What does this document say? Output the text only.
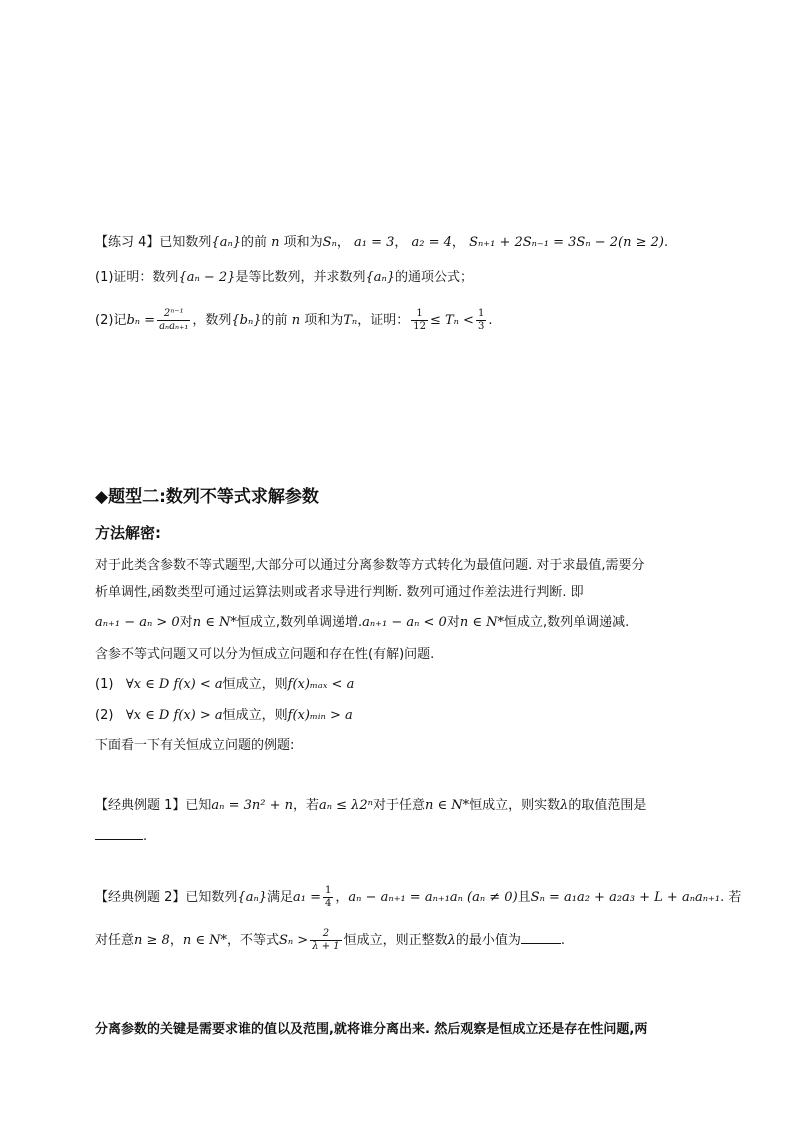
【练习 4】已知数列{aₙ}的前 n 项和为Sₙ， a₁ = 3， a₂ = 4， Sₙ₊₁ + 2Sₙ₋₁ = 3Sₙ − 2(n ≥ 2).
(1)证明：数列{aₙ − 2}是等比数列，并求数列{aₙ}的通项公式；
(2)记$b_n = \frac{\text{2ⁿ⁻¹}}{\text{aₙaₙ₊₁}}$ ，数列{bₙ}的前 n 项和为Tₙ，证明： $\frac{1}{12} \le T_n < \frac{1}{3}$ .
◆题型二:数列不等式求解参数
方法解密:
对于此类含参数不等式题型,大部分可以通过分离参数等方式转化为最值问题. 对于求最值,需要分
析单调性,函数类型可通过运算法则或者求导进行判断. 数列可通过作差法进行判断. 即
aₙ₊₁ − aₙ > 0对n ∈ N*恒成立,数列单调递增.aₙ₊₁ − aₙ < 0对n ∈ N*恒成立,数列单调递减.
含参不等式问题又可以分为恒成立问题和存在性(有解)问题.
(1) ∀x ∈ D f(x) < a恒成立，则f(x)ₘₐₓ < a
(2) ∀x ∈ D f(x) > a恒成立，则f(x)ₘᵢₙ > a
下面看一下有关恒成立问题的例题:
【经典例题 1】已知aₙ = 3n² + n，若aₙ ≤ λ2ⁿ对于任意n ∈ N*恒成立，则实数λ的取值范围是
.
【经典例题 2】已知数列{aₙ}满足$a_1 = \frac{1}{4}$ ，aₙ − aₙ₊₁ = aₙ₊₁aₙ (aₙ ≠ 0)且Sₙ = a₁a₂ + a₂a₃ + L + aₙaₙ₊₁. 若
对任意n ≥ 8，n ∈ N*，不等式$S_n > \frac{2}{\lambda + 1}$ 恒成立，则正整数λ的最小值为	.
分离参数的关键是需要求谁的值以及范围,就将谁分离出来. 然后观察是恒成立还是存在性问题,两
